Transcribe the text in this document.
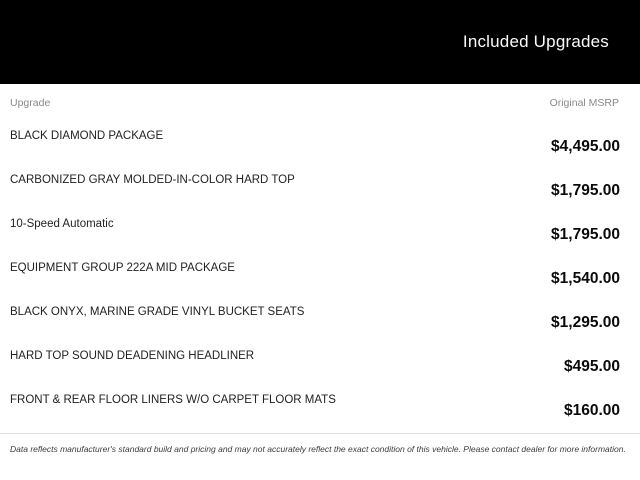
Included Upgrades
Upgrade	Original MSRP
BLACK DIAMOND PACKAGE
$4,495.00
CARBONIZED GRAY MOLDED-IN-COLOR HARD TOP
$1,795.00
10-Speed Automatic
$1,795.00
EQUIPMENT GROUP 222A MID PACKAGE
$1,540.00
BLACK ONYX, MARINE GRADE VINYL BUCKET SEATS
$1,295.00
HARD TOP SOUND DEADENING HEADLINER
$495.00
FRONT & REAR FLOOR LINERS W/O CARPET FLOOR MATS
$160.00
Data reflects manufacturer's standard build and pricing and may not accurately reflect the exact condition of this vehicle. Please contact dealer for more information.
